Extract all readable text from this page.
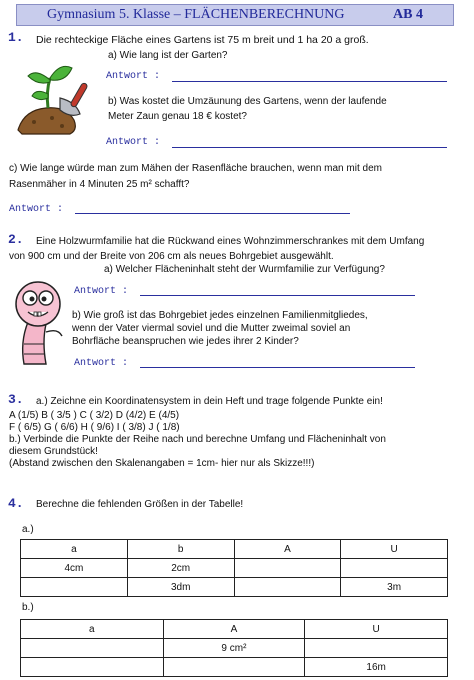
Gymnasium 5. Klasse – FLÄCHENBERECHNUNG	AB 4
1. Die rechteckige Fläche eines Gartens ist 75 m breit und 1 ha 20 a groß.
a) Wie lang ist der Garten?
Antwort :
b) Was kostet die Umzäunung des Gartens, wenn der laufende
Meter Zaun genau 18 € kostet?
Antwort :
c) Wie lange würde man zum Mähen der Rasenfläche brauchen, wenn man mit dem
Rasenmäher in 4 Minuten 25 m² schafft?
Antwort :
2. Eine Holzwurmfamilie hat die Rückwand eines Wohnzimmerschrankes mit dem Umfang
von 900 cm und der Breite von 206 cm als neues Bohrgebiet ausgewählt.
a) Welcher Flächeninhalt steht der Wurmfamilie zur Verfügung?
Antwort :
b) Wie groß ist das Bohrgebiet jedes einzelnen Familienmitgliedes,
wenn der Vater viermal soviel und die Mutter zweimal soviel an
Bohrfläche beanspruchen wie jedes ihrer 2 Kinder?
Antwort :
3. a.) Zeichne ein Koordinatensystem in dein Heft und trage folgende Punkte ein!
A (1/5) B ( 3/5 ) C ( 3/2) D (4/2) E (4/5)
F ( 6/5) G ( 6/6) H ( 9/6) I ( 3/8) J ( 1/8)
b.) Verbinde die Punkte der Reihe nach und berechne Umfang und Flächeninhalt von
diesem Grundstück!
(Abstand zwischen den Skalenangaben = 1cm- hier nur als Skizze!!!)
4. Berechne die fehlenden Größen in der Tabelle!
a.)
a	b	A	U
4cm	2cm		
	3dm		3m
b.)
a	A	U
	9 cm²	
		16m
